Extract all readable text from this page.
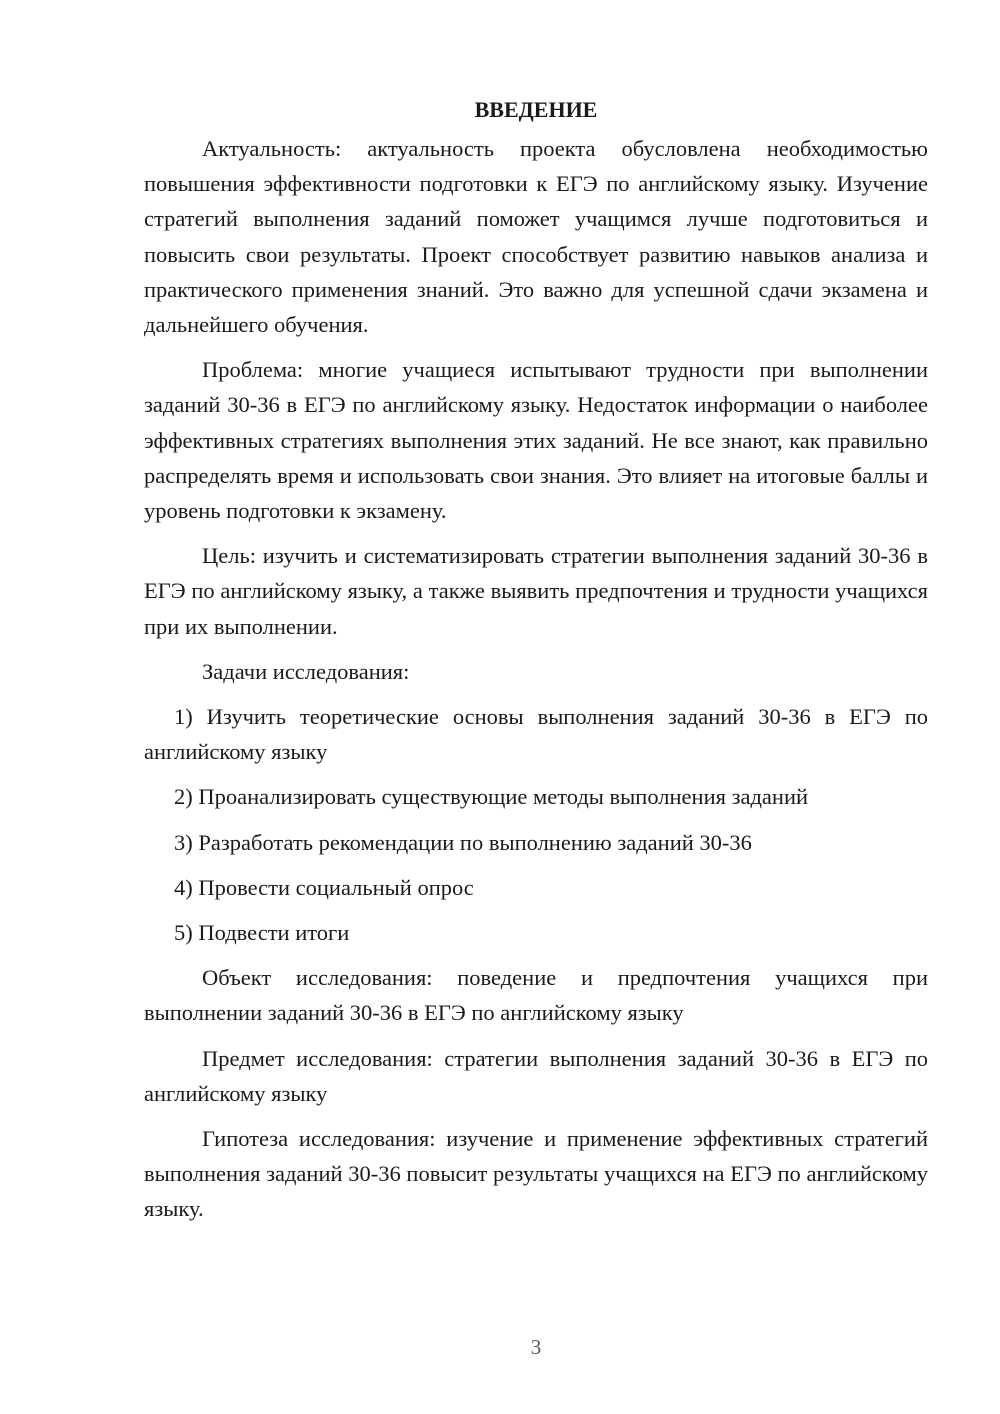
ВВЕДЕНИЕ

Актуальность: актуальность проекта обусловлена необходимостью повышения эффективности подготовки к ЕГЭ по английскому языку. Изучение стратегий выполнения заданий поможет учащимся лучше подготовиться и повысить свои результаты. Проект способствует развитию навыков анализа и практического применения знаний. Это важно для успешной сдачи экзамена и дальнейшего обучения.

Проблема: многие учащиеся испытывают трудности при выполнении заданий 30-36 в ЕГЭ по английскому языку. Недостаток информации о наиболее эффективных стратегиях выполнения этих заданий. Не все знают, как правильно распределять время и использовать свои знания. Это влияет на итоговые баллы и уровень подготовки к экзамену.

Цель: изучить и систематизировать стратегии выполнения заданий 30-36 в ЕГЭ по английскому языку, а также выявить предпочтения и трудности учащихся при их выполнении.

Задачи исследования:

1) Изучить теоретические основы выполнения заданий 30-36 в ЕГЭ по английскому языку
2) Проанализировать существующие методы выполнения заданий
3) Разработать рекомендации по выполнению заданий 30-36
4) Провести социальный опрос
5) Подвести итоги

Объект исследования: поведение и предпочтения учащихся при выполнении заданий 30-36 в ЕГЭ по английскому языку

Предмет исследования: стратегии выполнения заданий 30-36 в ЕГЭ по английскому языку

Гипотеза исследования: изучение и применение эффективных стратегий выполнения заданий 30-36 повысит результаты учащихся на ЕГЭ по английскому языку.

3
